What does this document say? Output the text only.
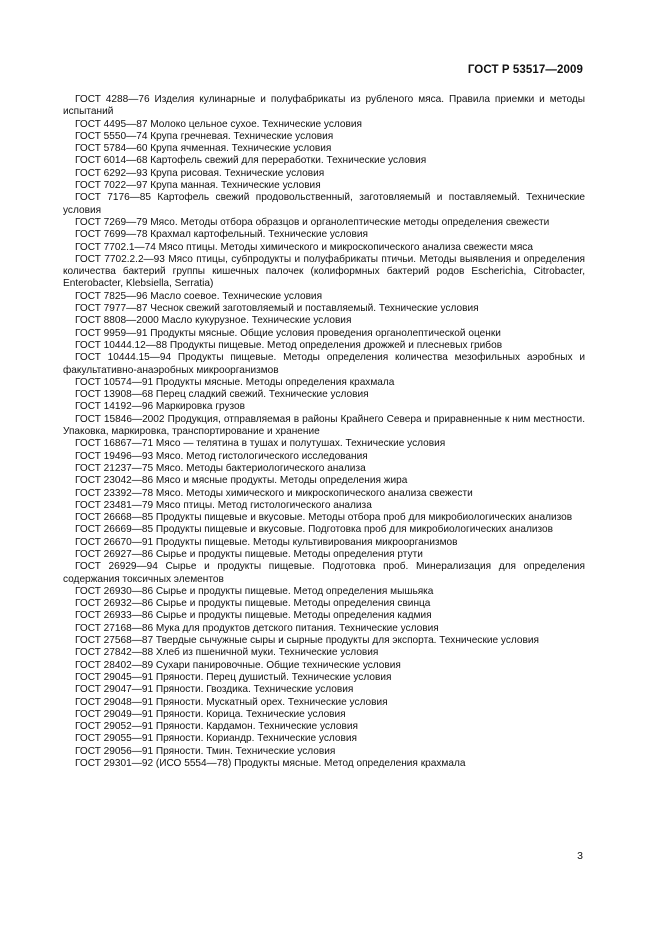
ГОСТ Р 53517—2009

ГОСТ 4288—76 Изделия кулинарные и полуфабрикаты из рубленого мяса. Правила приемки и методы испытаний

ГОСТ 4495—87 Молоко цельное сухое. Технические условия

ГОСТ 5550—74 Крупа гречневая. Технические условия

ГОСТ 5784—60 Крупа ячменная. Технические условия

ГОСТ 6014—68 Картофель свежий для переработки. Технические условия

ГОСТ 6292—93 Крупа рисовая. Технические условия

ГОСТ 7022—97 Крупа манная. Технические условия

ГОСТ 7176—85 Картофель свежий продовольственный, заготовляемый и поставляемый. Технические условия

ГОСТ 7269—79 Мясо. Методы отбора образцов и органолептические методы определения свежести

ГОСТ 7699—78 Крахмал картофельный. Технические условия

ГОСТ 7702.1—74 Мясо птицы. Методы химического и микроскопического анализа свежести мяса

ГОСТ 7702.2.2—93 Мясо птицы, субпродукты и полуфабрикаты птичьи. Методы выявления и определения количества бактерий группы кишечных палочек (колиформных бактерий родов Escherichia, Citrobacter, Enterobacter, Klebsiella, Serratia)

ГОСТ 7825—96 Масло соевое. Технические условия

ГОСТ 7977—87 Чеснок свежий заготовляемый и поставляемый. Технические условия

ГОСТ 8808—2000 Масло кукурузное. Технические условия

ГОСТ 9959—91 Продукты мясные. Общие условия проведения органолептической оценки

ГОСТ 10444.12—88 Продукты пищевые. Метод определения дрожжей и плесневых грибов

ГОСТ 10444.15—94 Продукты пищевые. Методы определения количества мезофильных аэробных и факультативно-анаэробных микроорганизмов

ГОСТ 10574—91 Продукты мясные. Методы определения крахмала

ГОСТ 13908—68 Перец сладкий свежий. Технические условия

ГОСТ 14192—96 Маркировка грузов

ГОСТ 15846—2002 Продукция, отправляемая в районы Крайнего Севера и приравненные к ним местности. Упаковка, маркировка, транспортирование и хранение

ГОСТ 16867—71 Мясо — телятина в тушах и полутушах. Технические условия

ГОСТ 19496—93 Мясо. Метод гистологического исследования

ГОСТ 21237—75 Мясо. Методы бактериологического анализа

ГОСТ 23042—86 Мясо и мясные продукты. Методы определения жира

ГОСТ 23392—78 Мясо. Методы химического и микроскопического анализа свежести

ГОСТ 23481—79 Мясо птицы. Метод гистологического анализа

ГОСТ 26668—85 Продукты пищевые и вкусовые. Методы отбора проб для микробиологических анализов

ГОСТ 26669—85 Продукты пищевые и вкусовые. Подготовка проб для микробиологических анализов

ГОСТ 26670—91 Продукты пищевые. Методы культивирования микроорганизмов

ГОСТ 26927—86 Сырье и продукты пищевые. Методы определения ртути

ГОСТ 26929—94 Сырье и продукты пищевые. Подготовка проб. Минерализация для определения содержания токсичных элементов

ГОСТ 26930—86 Сырье и продукты пищевые. Метод определения мышьяка

ГОСТ 26932—86 Сырье и продукты пищевые. Методы определения свинца

ГОСТ 26933—86 Сырье и продукты пищевые. Методы определения кадмия

ГОСТ 27168—86 Мука для продуктов детского питания. Технические условия

ГОСТ 27568—87 Твердые сычужные сыры и сырные продукты для экспорта. Технические условия

ГОСТ 27842—88 Хлеб из пшеничной муки. Технические условия

ГОСТ 28402—89 Сухари панировочные. Общие технические условия

ГОСТ 29045—91 Пряности. Перец душистый. Технические условия

ГОСТ 29047—91 Пряности. Гвоздика. Технические условия

ГОСТ 29048—91 Пряности. Мускатный орех. Технические условия

ГОСТ 29049—91 Пряности. Корица. Технические условия

ГОСТ 29052—91 Пряности. Кардамон. Технические условия

ГОСТ 29055—91 Пряности. Кориандр. Технические условия

ГОСТ 29056—91 Пряности. Тмин. Технические условия

ГОСТ 29301—92 (ИСО 5554—78) Продукты мясные. Метод определения крахмала

3
